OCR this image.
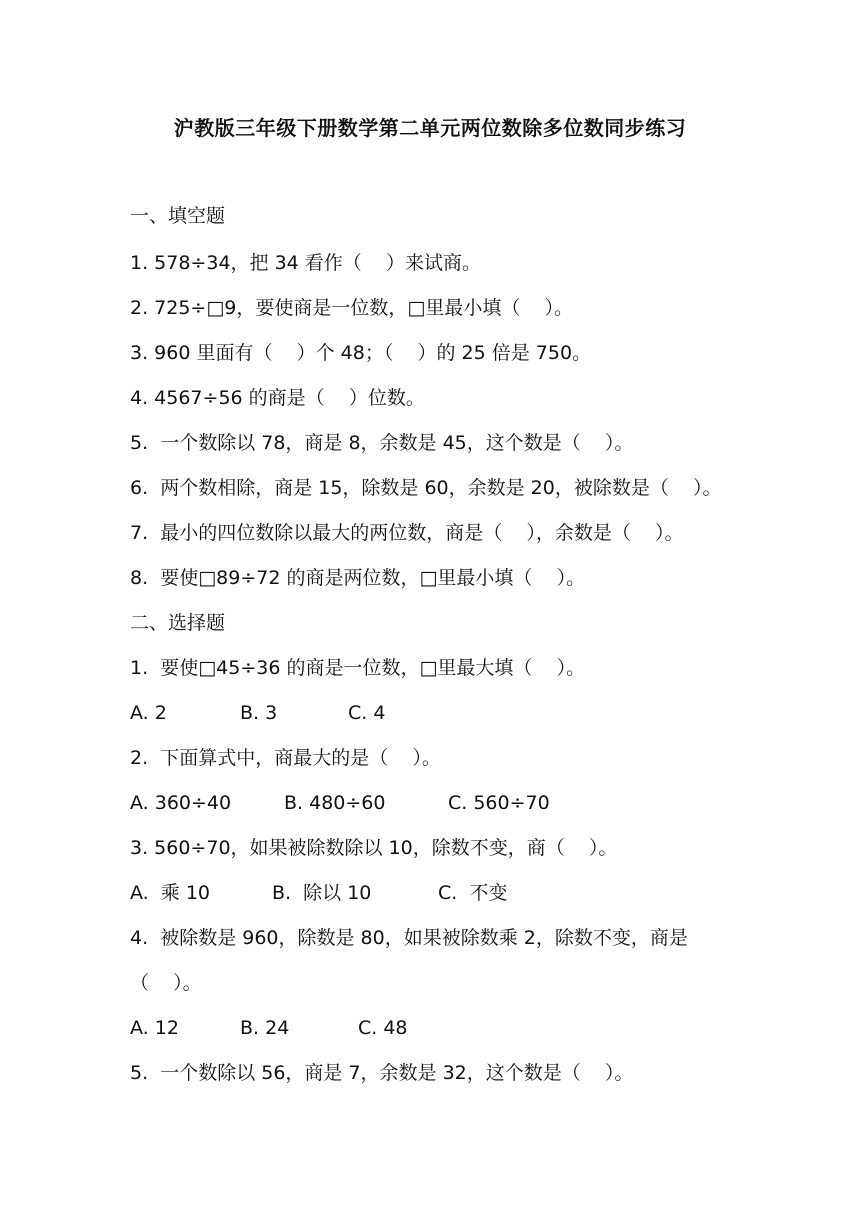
沪教版三年级下册数学第二单元两位数除多位数同步练习
一、填空题
1. 578÷34，把 34 看作（    ）来试商。
2. 725÷□9，要使商是一位数，□里最小填（    ）。
3. 960 里面有（    ）个 48；（    ）的 25 倍是 750。
4. 4567÷56 的商是（    ）位数。
5.  一个数除以 78，商是 8，余数是 45，这个数是（    ）。
6.  两个数相除，商是 15，除数是 60，余数是 20，被除数是（    ）。
7.  最小的四位数除以最大的两位数，商是（    ），余数是（    ）。
8.  要使□89÷72 的商是两位数，□里最小填（    ）。
二、选择题
1.  要使□45÷36 的商是一位数，□里最大填（    ）。
A. 2	B. 3	C. 4
2.  下面算式中，商最大的是（    ）。
A. 360÷40	B. 480÷60	C. 560÷70
3. 560÷70，如果被除数除以 10，除数不变，商（    ）。
A.  乘 10	B.  除以 10	C.  不变
4.  被除数是 960，除数是 80，如果被除数乘 2，除数不变，商是
（    ）。
A. 12	B. 24	C. 48
5.  一个数除以 56，商是 7，余数是 32，这个数是（    ）。
